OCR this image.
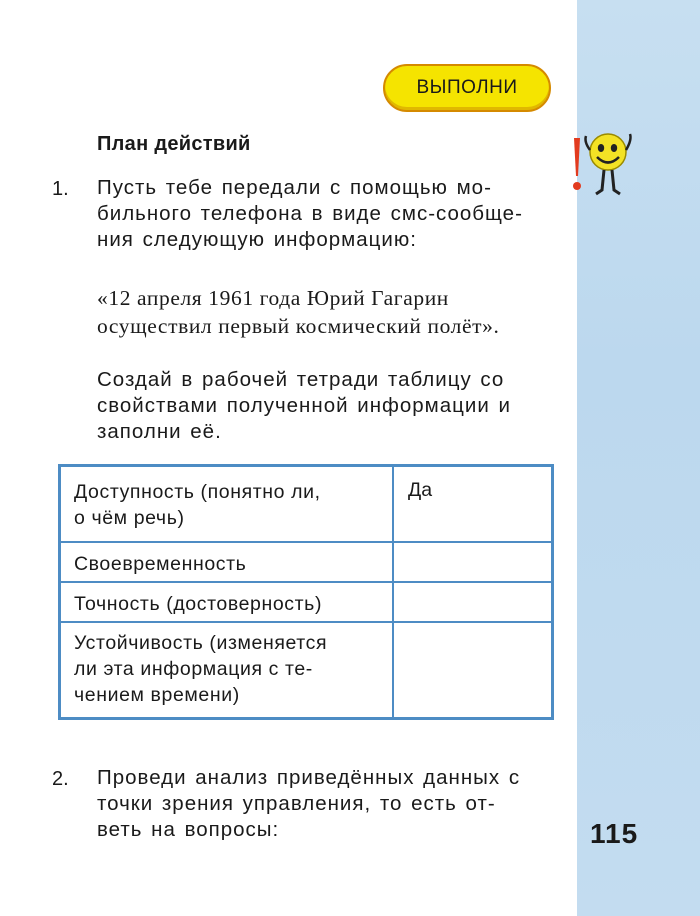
ВЫПОЛНИ
План действий
1. Пусть тебе передали с помощью мо-
бильного телефона в виде смс-сообще-
ния следующую информацию:
«12 апреля 1961 года Юрий Гагарин
осуществил первый космический полёт».
Создай в рабочей тетради таблицу со
свойствами полученной информации и
заполни её.
Доступность (понятно ли,
о чём речь)
Да
Своевременность
Точность (достоверность)
Устойчивость (изменяется
ли эта информация с те-
чением времени)
2. Проведи анализ приведённых данных с
точки зрения управления, то есть от-
веть на вопросы:	115
